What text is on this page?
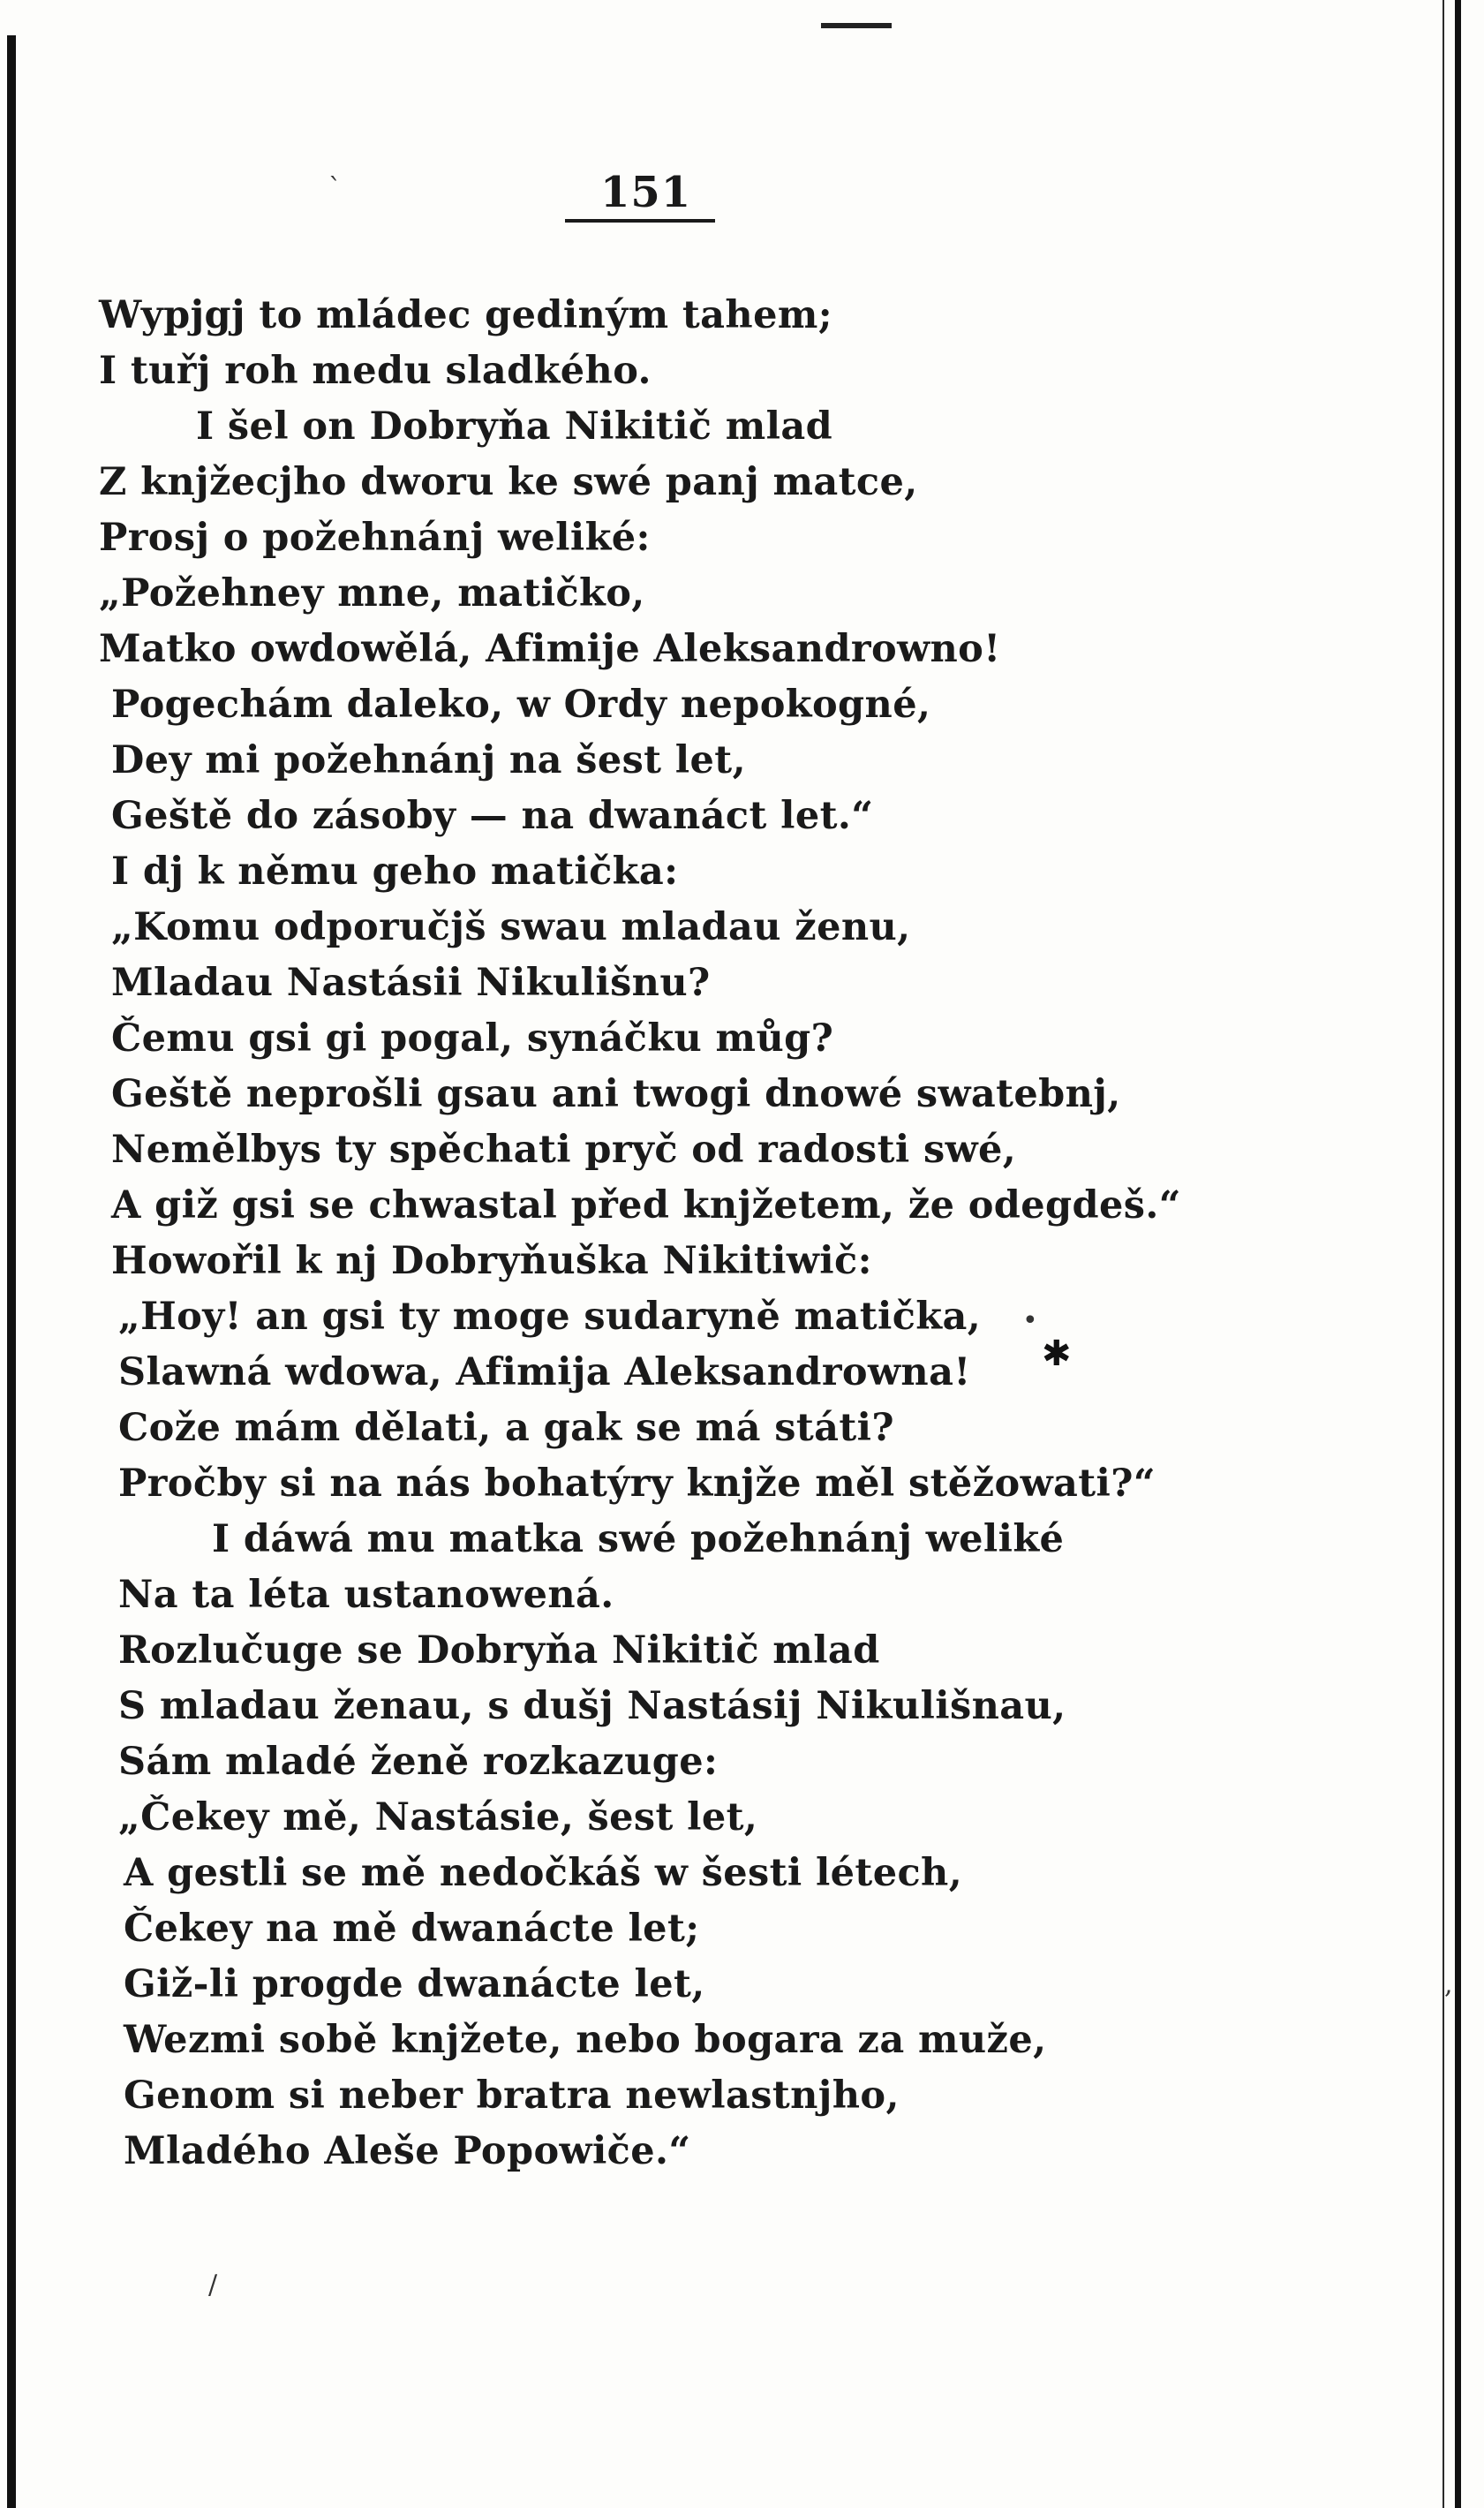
151
ˋ
•
✱
,
/
Wypjgj to mládec gediným tahem;
I tuřj roh medu sladkého.
I šel on Dobryňa Nikitič mlad
Z knjžecjho dworu ke swé panj matce,
Prosj o požehnánj weliké:
„Požehney mne, matičko,
Matko owdowělá, Afimije Aleksandrowno!
Pogechám daleko, w Ordy nepokogné,
Dey mi požehnánj na šest let,
Geště do zásoby — na dwanáct let.“
I dj k němu geho matička:
„Komu odporučjš swau mladau ženu,
Mladau Nastásii Nikulišnu?
Čemu gsi gi pogal, synáčku můg?
Geště neprošli gsau ani twogi dnowé swatebnj,
Nemělbys ty spěchati pryč od radosti swé,
A giž gsi se chwastal před knjžetem, že odegdeš.“
Howořil k nj Dobryňuška Nikitiwič:
„Hoy! an gsi ty moge sudaryně matička,
Slawná wdowa, Afimija Aleksandrowna!
Cože mám dělati, a gak se má státi?
Pročby si na nás bohatýry knjže měl stěžowati?“
I dáwá mu matka swé požehnánj weliké
Na ta léta ustanowená.
Rozlučuge se Dobryňa Nikitič mlad
S mladau ženau, s dušj Nastásij Nikulišnau,
Sám mladé ženě rozkazuge:
„Čekey mě, Nastásie, šest let,
A gestli se mě nedočkáš w šesti létech,
Čekey na mě dwanácte let;
Giž-li progde dwanácte let,
Wezmi sobě knjžete, nebo bogara za muže,
Genom si neber bratra newlastnjho,
Mladého Aleše Popowiče.“
